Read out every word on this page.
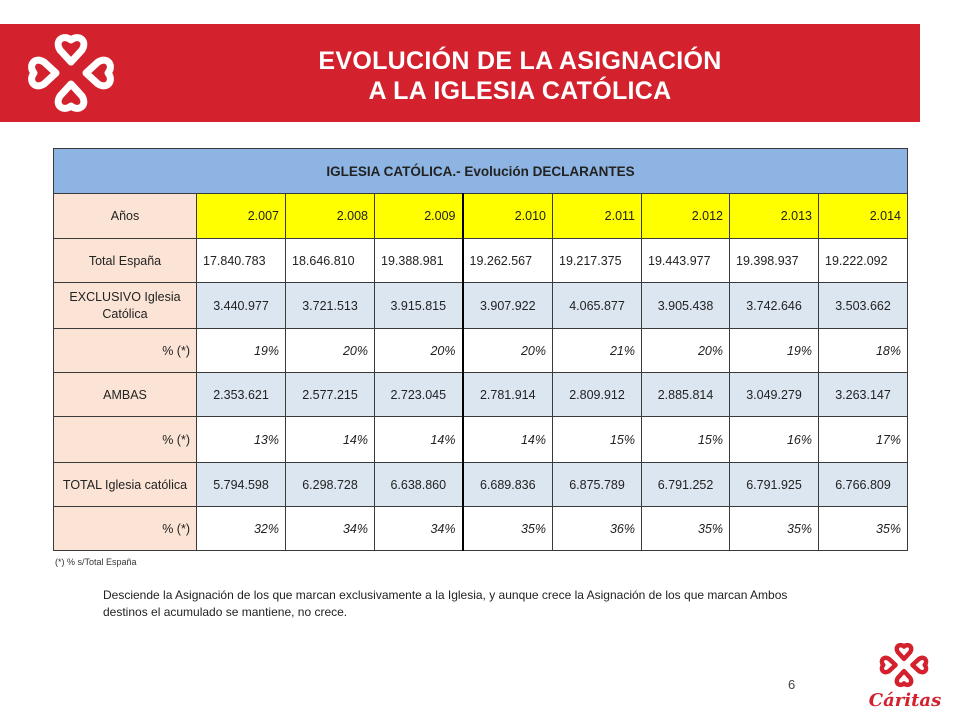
EVOLUCIÓN DE LA ASIGNACIÓN
A LA IGLESIA CATÓLICA
IGLESIA CATÓLICA.- Evolución DECLARANTES								
Años	2.007	2.008	2.009	2.010	2.011	2.012	2.013	2.014
Total España	17.840.783	18.646.810	19.388.981	19.262.567	19.217.375	19.443.977	19.398.937	19.222.092
EXCLUSIVO Iglesia
Católica	3.440.977	3.721.513	3.915.815	3.907.922	4.065.877	3.905.438	3.742.646	3.503.662
% (*)	19%	20%	20%	20%	21%	20%	19%	18%
AMBAS	2.353.621	2.577.215	2.723.045	2.781.914	2.809.912	2.885.814	3.049.279	3.263.147
% (*)	13%	14%	14%	14%	15%	15%	16%	17%
TOTAL Iglesia católica	5.794.598	6.298.728	6.638.860	6.689.836	6.875.789	6.791.252	6.791.925	6.766.809
% (*)	32%	34%	34%	35%	36%	35%	35%	35%
(*) % s/Total España
Desciende la Asignación de los que marcan exclusivamente a la Iglesia, y aunque crece la Asignación de los que marcan Ambos destinos el acumulado se mantiene, no crece.
6
Cáritas
